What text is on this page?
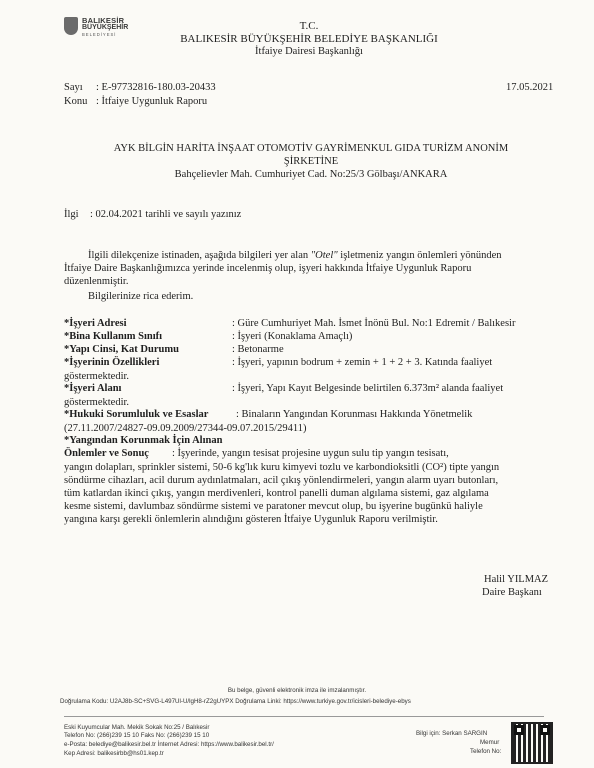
BALIKESİR
BÜYÜKŞEHİR
BELEDİYESİ
T.C.
BALIKESİR BÜYÜKŞEHİR BELEDİYE BAŞKANLIĞI
İtfaiye Dairesi Başkanlığı
Sayı : E-97732816-180.03-20433	17.05.2021
Konu : İtfaiye Uygunluk Raporu
AYK BİLGİN HARİTA İNŞAAT OTOMOTİV GAYRİMENKUL GIDA TURİZM ANONİM
ŞİRKETİNE
Bahçelievler Mah. Cumhuriyet Cad. No:25/3 Gölbaşı/ANKARA
İlgi : 02.04.2021 tarihli ve sayılı yazınız
İlgili dilekçenize istinaden, aşağıda bilgileri yer alan "Otel" işletmeniz yangın önlemleri yönünden
İtfaiye Daire Başkanlığımızca yerinde incelenmiş olup, işyeri hakkında İtfaiye Uygunluk Raporu
düzenlenmiştir.
Bilgilerinize rica ederim.
*İşyeri Adresi	: Güre Cumhuriyet Mah. İsmet İnönü Bul. No:1 Edremit / Balıkesir
*Bina Kullanım Sınıfı	: İşyeri (Konaklama Amaçlı)
*Yapı Cinsi, Kat Durumu	: Betonarme
*İşyerinin Özellikleri	: İşyeri, yapının bodrum + zemin + 1 + 2 + 3. Katında faaliyet
göstermektedir.
*İşyeri Alanı	: İşyeri, Yapı Kayıt Belgesinde belirtilen 6.373m² alanda faaliyet
göstermektedir.
*Hukuki Sorumluluk ve Esaslar	: Binaların Yangından Korunması Hakkında Yönetmelik
(27.11.2007/24827-09.09.2009/27344-09.07.2015/29411)
*Yangından Korunmak İçin Alınan
Önlemler ve Sonuç : İşyerinde, yangın tesisat projesine uygun sulu tip yangın tesisatı,
yangın dolapları, sprinkler sistemi, 50-6 kg'lık kuru kimyevi tozlu ve karbondioksitli (CO²) tipte yangın
söndürme cihazları, acil durum aydınlatmaları, acil çıkış yönlendirmeleri, yangın alarm uyarı butonları,
tüm katlardan ikinci çıkış, yangın merdivenleri, kontrol panelli duman algılama sistemi, gaz algılama
kesme sistemi, davlumbaz söndürme sistemi ve paratoner mevcut olup, bu işyerine bugünkü haliyle
yangına karşı gerekli önlemlerin alındığını gösteren İtfaiye Uygunluk Raporu verilmiştir.
Halil YILMAZ
Daire Başkanı
Bu belge, güvenli elektronik imza ile imzalanmıştır.
Doğrulama Kodu: U2AJ8b-SC+SVG-L497Ul-U/lgH8-rZ2gUYPX Doğrulama Linki: https://www.turkiye.gov.tr/icisleri-belediye-ebys
Eski Kuyumcular Mah. Mekik Sokak No:25 / Balıkesir
Telefon No: (266)239 15 10 Faks No: (266)239 15 10
e-Posta: belediye@balikesir.bel.tr İnternet Adresi: https://www.balikesir.bel.tr/
Kep Adresi: balikesirbb@hs01.kep.tr
Bilgi için: Serkan SARGIN
Memur
Telefon No:
